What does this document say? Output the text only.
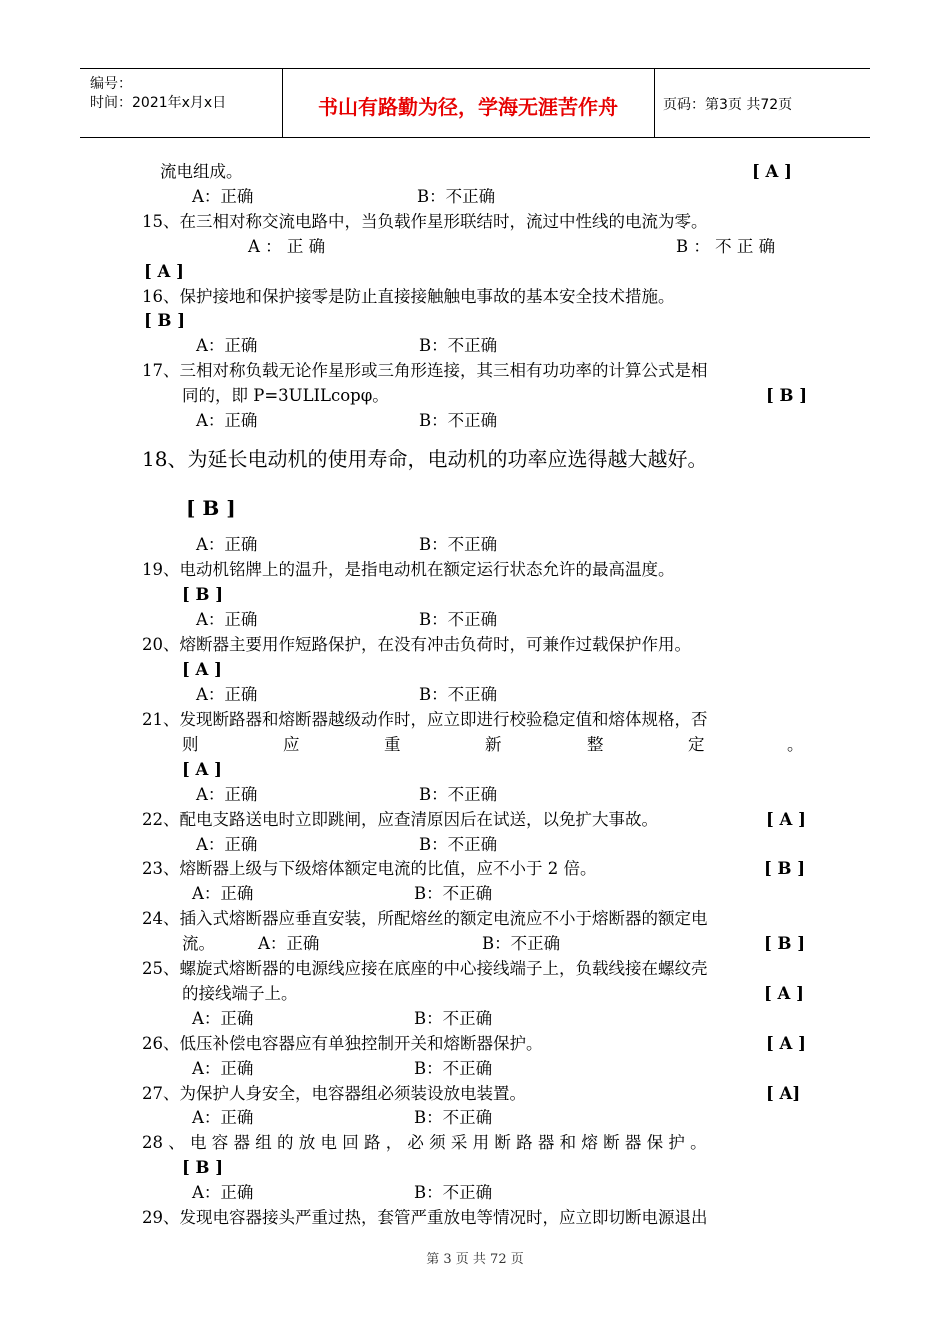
编号：
时间：2021年x月x日	书山有路勤为径，学海无涯苦作舟	页码：第3页 共72页
流电组成。	[ A ]
A：正确	B：不正确
15、在三相对称交流电路中，当负载作星形联结时，流过中性线的电流为零。
A ： 正 确	B ： 不 正 确
[ A ]
16、保护接地和保护接零是防止直接接触触电事故的基本安全技术措施。
[ B ]
A：正确	B：不正确
17、三相对称负载无论作星形或三角形连接，其三相有功功率的计算公式是相
同的，即 P=3ULILcopφ。	[ B ]
A：正确	B：不正确
18、为延长电动机的使用寿命，电动机的功率应选得越大越好。
[ B ]
A：正确	B：不正确
19、电动机铭牌上的温升，是指电动机在额定运行状态允许的最高温度。
[ B ]
A：正确	B：不正确
20、熔断器主要用作短路保护，在没有冲击负荷时，可兼作过载保护作用。
[ A ]
A：正确	B：不正确
21、发现断路器和熔断器越级动作时，应立即进行校验稳定值和熔体规格，否
则	应	重	新	整	定	。
[ A ]
A：正确	B：不正确
22、配电支路送电时立即跳闸，应查清原因后在试送，以免扩大事故。	[ A ]
A：正确	B：不正确
23、熔断器上级与下级熔体额定电流的比值，应不小于 2 倍。	[ B ]
A：正确	B：不正确
24、插入式熔断器应垂直安装，所配熔丝的额定电流应不小于熔断器的额定电
流。	A：正确	B：不正确	[ B ]
25、螺旋式熔断器的电源线应接在底座的中心接线端子上，负载线接在螺纹壳
的接线端子上。	[ A ]
A：正确	B：不正确
26、低压补偿电容器应有单独控制开关和熔断器保护。	[ A ]
A：正确	B：不正确
27、为保护人身安全，电容器组必须装设放电装置。	[ A]
A：正确	B：不正确
28 、 电 容 器 组 的 放 电 回 路 ， 必 须 采 用 断 路 器 和 熔 断 器 保 护 。
[ B ]
A：正确	B：不正确
29、发现电容器接头严重过热，套管严重放电等情况时，应立即切断电源退出
第 3 页 共 72 页
